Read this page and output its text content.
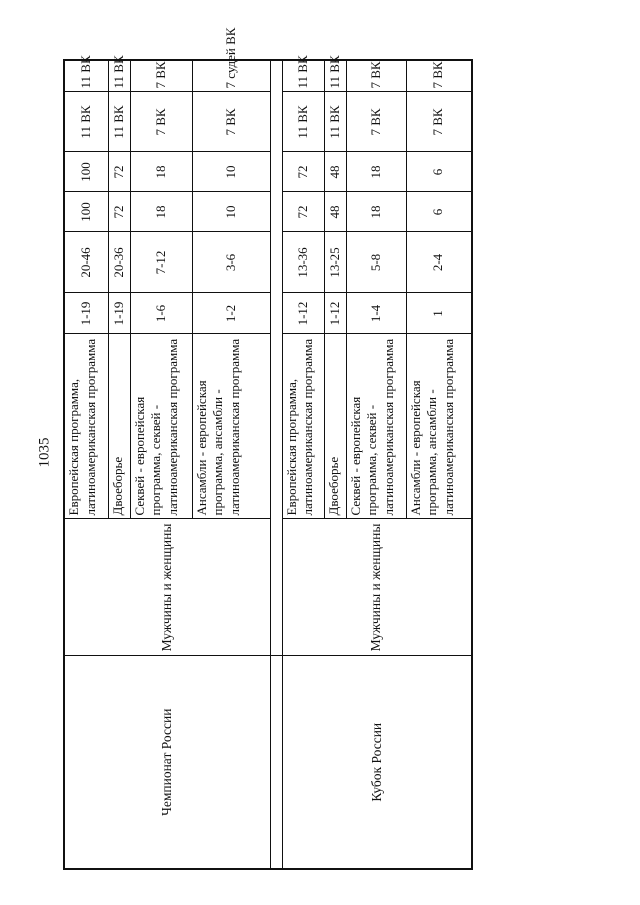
1035
Чемпионат России	Мужчины и женщины	Европейская программа, латиноамериканская программа	1-19	20-46	100	100	11 ВК	11 ВК
		Двоеборье	1-19	20-36	72	72	11 ВК	11 ВК
		Секвей - европейская программа, секвей - латиноамериканская программа	1-6	7-12	18	18	7 ВК	7 ВК
		Ансамбли - европейская программа, ансамбли - латиноамериканская программа	1-2	3-6	10	10	7 ВК	7 судей ВК

Кубок России	Мужчины и женщины	Европейская программа, латиноамериканская программа	1-12	13-36	72	72	11 ВК	11 ВК
		Двоеборье	1-12	13-25	48	48	11 ВК	11 ВК
		Секвей - европейская программа, секвей - латиноамериканская программа	1-4	5-8	18	18	7 ВК	7 ВК
		Ансамбли - европейская программа, ансамбли - латиноамериканская программа	1	2-4	6	6	7 ВК	7 ВК
